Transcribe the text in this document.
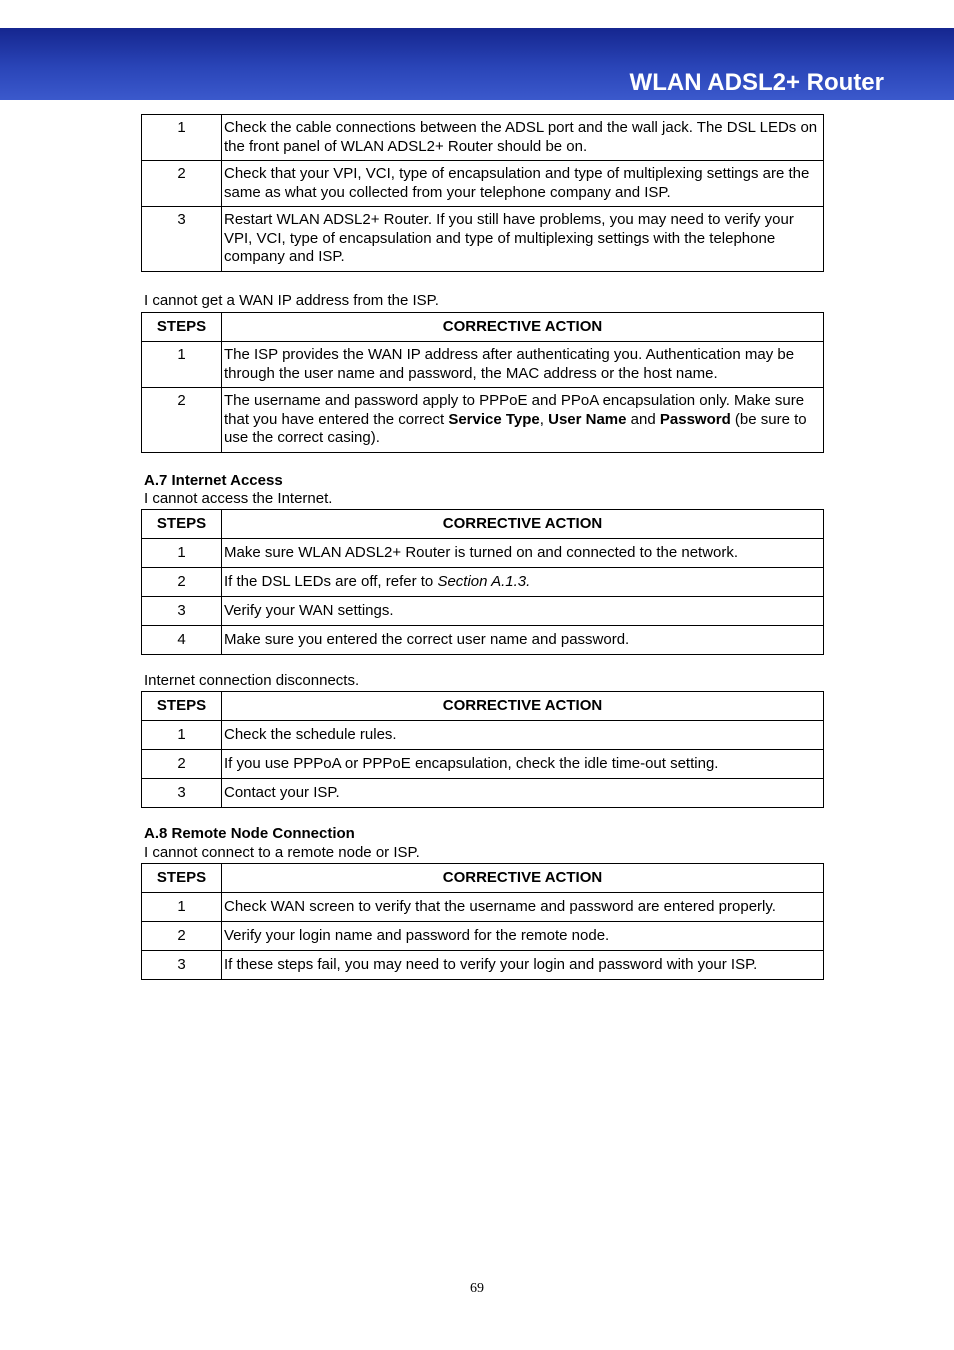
WLAN ADSL2+ Router
1	Check the cable connections between the ADSL port and the wall jack. The DSL LEDs on the front panel of WLAN ADSL2+ Router should be on.
2	Check that your VPI, VCI, type of encapsulation and type of multiplexing settings are the same as what you collected from your telephone company and ISP.
3	Restart WLAN ADSL2+ Router. If you still have problems, you may need to verify your VPI, VCI, type of encapsulation and type of multiplexing settings with the telephone company and ISP.
I cannot get a WAN IP address from the ISP.
STEPS	CORRECTIVE ACTION
1	The ISP provides the WAN IP address after authenticating you. Authentication may be through the user name and password, the MAC address or the host name.
2	The username and password apply to PPPoE and PPoA encapsulation only. Make sure that you have entered the correct Service Type, User Name and Password (be sure to use the correct casing).
A.7 Internet Access
I cannot access the Internet.
STEPS	CORRECTIVE ACTION
1	Make sure WLAN ADSL2+ Router is turned on and connected to the network.
2	If the DSL LEDs are off, refer to Section A.1.3.
3	Verify your WAN settings.
4	Make sure you entered the correct user name and password.
Internet connection disconnects.
STEPS	CORRECTIVE ACTION
1	Check the schedule rules.
2	If you use PPPoA or PPPoE encapsulation, check the idle time-out setting.
3	Contact your ISP.
A.8 Remote Node Connection
I cannot connect to a remote node or ISP.
STEPS	CORRECTIVE ACTION
1	Check WAN screen to verify that the username and password are entered properly.
2	Verify your login name and password for the remote node.
3	If these steps fail, you may need to verify your login and password with your ISP.
69
